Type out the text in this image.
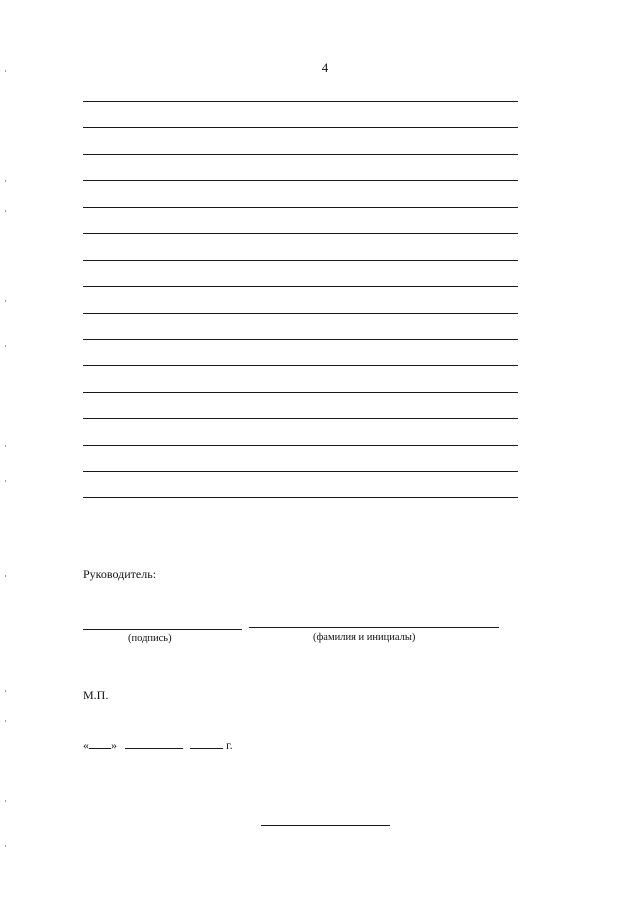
4
Руководитель:
(подпись)	(фамилия и инициалы)
М.П.
« »	г.
